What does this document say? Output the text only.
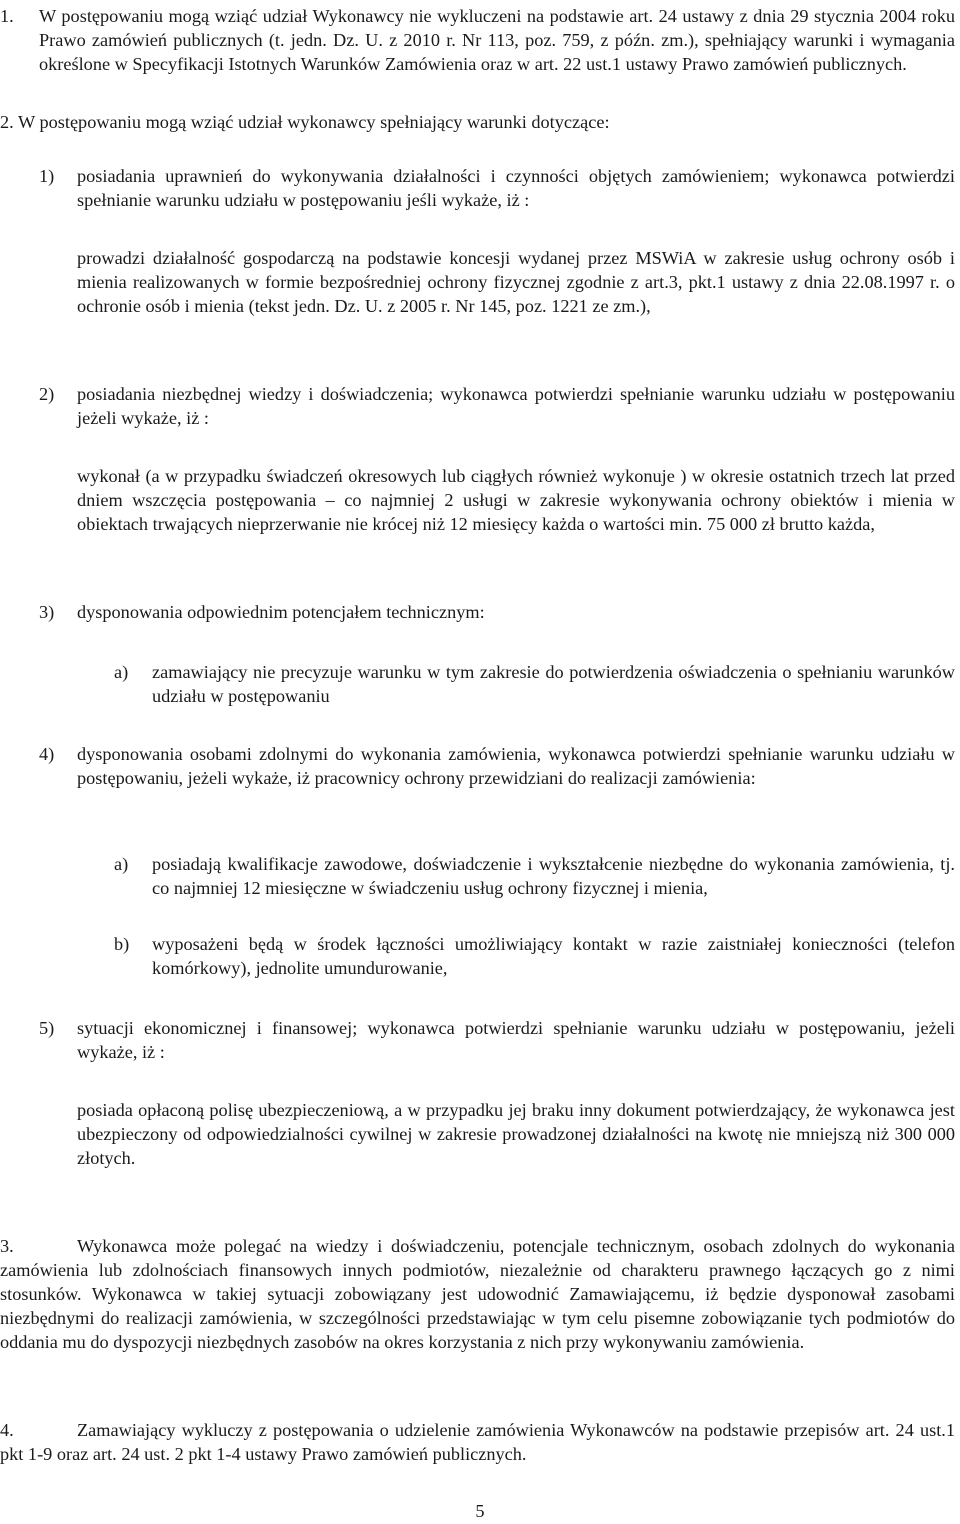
1. W postępowaniu mogą wziąć udział Wykonawcy nie wykluczeni na podstawie art. 24 ustawy z dnia 29 stycznia 2004 roku Prawo zamówień publicznych (t. jedn. Dz. U. z 2010 r. Nr 113, poz. 759, z późn. zm.), spełniający warunki i wymagania określone w Specyfikacji Istotnych Warunków Zamówienia oraz w art. 22 ust.1 ustawy Prawo zamówień publicznych.

2. W postępowaniu mogą wziąć udział wykonawcy spełniający warunki dotyczące:

1) posiadania uprawnień do wykonywania działalności i czynności objętych zamówieniem; wykonawca potwierdzi spełnianie warunku udziału w postępowaniu jeśli wykaże, iż :

prowadzi działalność gospodarczą na podstawie koncesji wydanej przez MSWiA w zakresie usług ochrony osób i mienia realizowanych w formie bezpośredniej ochrony fizycznej zgodnie z art.3, pkt.1 ustawy z dnia 22.08.1997 r. o ochronie osób i mienia (tekst jedn. Dz. U. z 2005 r. Nr 145, poz. 1221 ze zm.),

2) posiadania niezbędnej wiedzy i doświadczenia; wykonawca potwierdzi spełnianie warunku udziału w postępowaniu jeżeli wykaże, iż :

wykonał (a w przypadku świadczeń okresowych lub ciągłych również wykonuje ) w okresie ostatnich trzech lat przed dniem wszczęcia postępowania – co najmniej 2 usługi w zakresie wykonywania ochrony obiektów i mienia w obiektach trwających nieprzerwanie nie krócej niż 12 miesięcy każda o wartości min. 75 000 zł brutto każda,

3) dysponowania odpowiednim potencjałem technicznym:

a) zamawiający nie precyzuje warunku w tym zakresie do potwierdzenia oświadczenia o spełnianiu warunków udziału w postępowaniu

4) dysponowania osobami zdolnymi do wykonania zamówienia, wykonawca potwierdzi spełnianie warunku udziału w postępowaniu, jeżeli wykaże, iż pracownicy ochrony przewidziani do realizacji zamówienia:

a) posiadają kwalifikacje zawodowe, doświadczenie i wykształcenie niezbędne do wykonania zamówienia, tj. co najmniej 12 miesięczne w świadczeniu usług ochrony fizycznej i mienia,

b) wyposażeni będą w środek łączności umożliwiający kontakt w razie zaistniałej konieczności (telefon komórkowy), jednolite umundurowanie,

5) sytuacji ekonomicznej i finansowej; wykonawca potwierdzi spełnianie warunku udziału w postępowaniu, jeżeli wykaże, iż :

posiada opłaconą polisę ubezpieczeniową, a w przypadku jej braku inny dokument potwierdzający, że wykonawca jest ubezpieczony od odpowiedzialności cywilnej w zakresie prowadzonej działalności na kwotę nie mniejszą niż 300 000 złotych.

3.	Wykonawca może polegać na wiedzy i doświadczeniu, potencjale technicznym, osobach zdolnych do wykonania zamówienia lub zdolnościach finansowych innych podmiotów, niezależnie od charakteru prawnego łączących go z nimi stosunków. Wykonawca w takiej sytuacji zobowiązany jest udowodnić Zamawiającemu, iż będzie dysponował zasobami niezbędnymi do realizacji zamówienia, w szczególności przedstawiając w tym celu pisemne zobowiązanie tych podmiotów do oddania mu do dyspozycji niezbędnych zasobów na okres korzystania z nich przy wykonywaniu zamówienia.

4.	Zamawiający wykluczy z postępowania o udzielenie zamówienia Wykonawców na podstawie przepisów art. 24 ust.1 pkt 1-9 oraz art. 24 ust. 2 pkt 1-4 ustawy Prawo zamówień publicznych.

5
